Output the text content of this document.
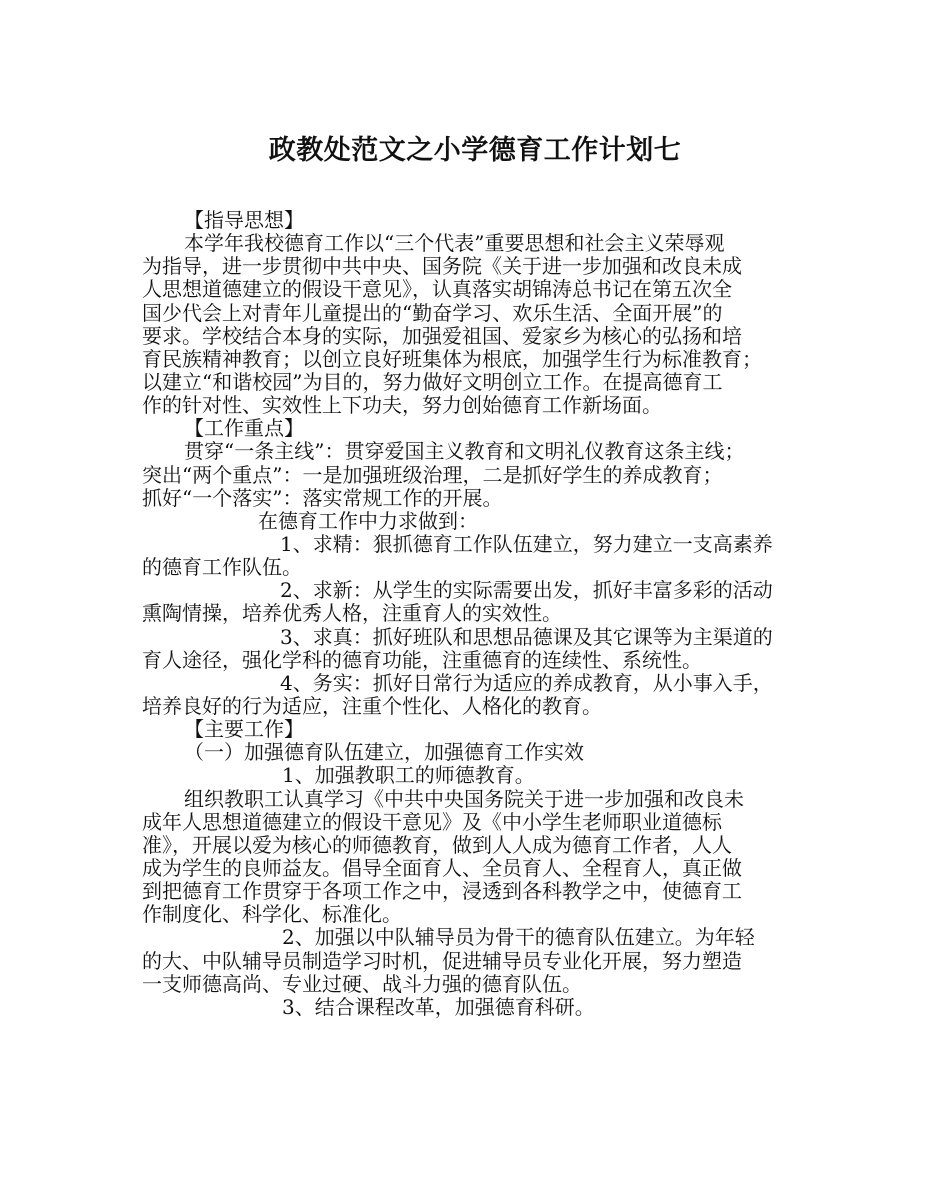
政教处范文之小学德育工作计划七
【指导思想】
本学年我校德育工作以“三个代表”重要思想和社会主义荣辱观
为指导，进一步贯彻中共中央、国务院《关于进一步加强和改良未成
人思想道德建立的假设干意见》，认真落实胡锦涛总书记在第五次全
国少代会上对青年儿童提出的“勤奋学习、欢乐生活、全面开展”的
要求。学校结合本身的实际，加强爱祖国、爱家乡为核心的弘扬和培
育民族精神教育；以创立良好班集体为根底，加强学生行为标准教育；
以建立“和谐校园”为目的，努力做好文明创立工作。在提高德育工
作的针对性、实效性上下功夫，努力创始德育工作新场面。
【工作重点】
贯穿“一条主线”：贯穿爱国主义教育和文明礼仪教育这条主线；
突出“两个重点”：一是加强班级治理，二是抓好学生的养成教育；
抓好“一个落实”：落实常规工作的开展。
在德育工作中力求做到：
1、求精：狠抓德育工作队伍建立，努力建立一支高素养
的德育工作队伍。
2、求新：从学生的实际需要出发，抓好丰富多彩的活动
熏陶情操，培养优秀人格，注重育人的实效性。
3、求真：抓好班队和思想品德课及其它课等为主渠道的
育人途径，强化学科的德育功能，注重德育的连续性、系统性。
4、务实：抓好日常行为适应的养成教育，从小事入手，
培养良好的行为适应，注重个性化、人格化的教育。
【主要工作】
（一）加强德育队伍建立，加强德育工作实效
1、加强教职工的师德教育。
组织教职工认真学习《中共中央国务院关于进一步加强和改良未
成年人思想道德建立的假设干意见》及《中小学生老师职业道德标
准》，开展以爱为核心的师德教育，做到人人成为德育工作者，人人
成为学生的良师益友。倡导全面育人、全员育人、全程育人，真正做
到把德育工作贯穿于各项工作之中，浸透到各科教学之中，使德育工
作制度化、科学化、标准化。
2、加强以中队辅导员为骨干的德育队伍建立。为年轻
的大、中队辅导员制造学习时机，促进辅导员专业化开展，努力塑造
一支师德高尚、专业过硬、战斗力强的德育队伍。
3、结合课程改革，加强德育科研。
